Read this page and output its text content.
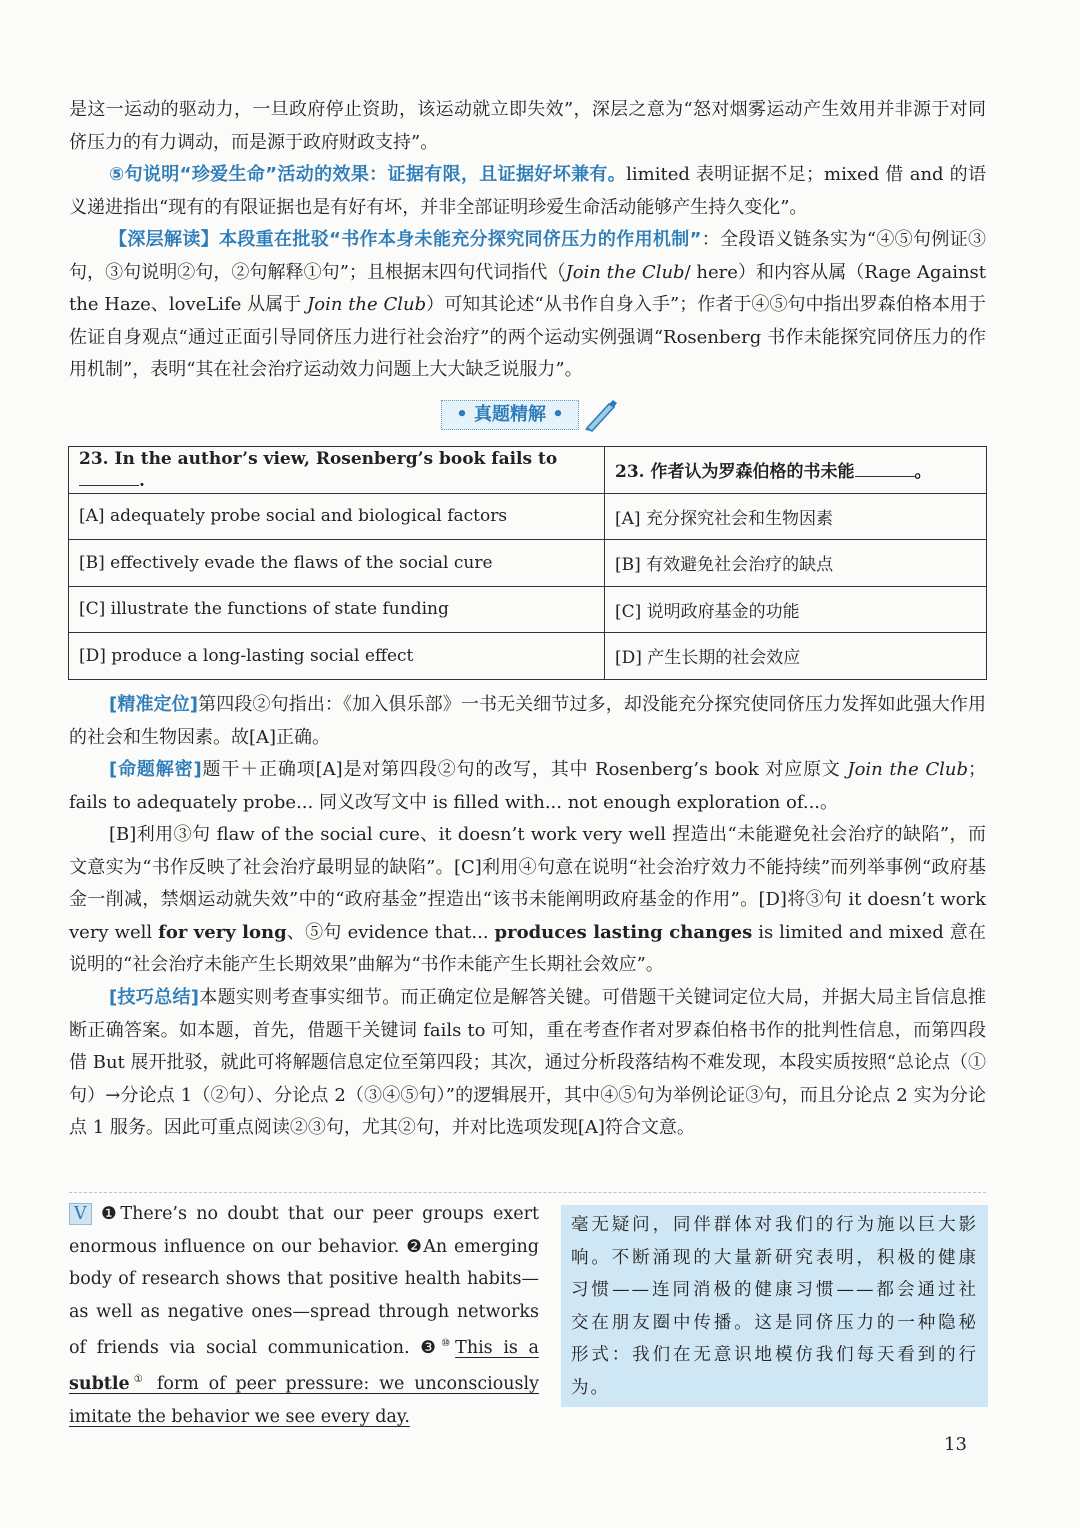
是这一运动的驱动力，一旦政府停止资助，该运动就立即失效”，深层之意为“怒对烟雾运动产生效用并非源于对同侪压力的有力调动，而是源于政府财政支持”。

⑤句说明“珍爱生命”活动的效果：证据有限，且证据好坏兼有。limited 表明证据不足；mixed 借 and 的语义递进指出“现有的有限证据也是有好有坏，并非全部证明珍爱生命活动能够产生持久变化”。

【深层解读】本段重在批驳“书作本身未能充分探究同侪压力的作用机制”：全段语义链条实为“④⑤句例证③句，③句说明②句，②句解释①句”；且根据末四句代词指代（Join the Club/ here）和内容从属（Rage Against the Haze、loveLife 从属于 Join the Club）可知其论述“从书作自身入手”；作者于④⑤句中指出罗森伯格本用于佐证自身观点“通过正面引导同侪压力进行社会治疗”的两个运动实例强调“Rosenberg 书作未能探究同侪压力的作用机制”，表明“其在社会治疗运动效力问题上大大缺乏说服力”。

• 真题精解 •
23. In the author’s view, Rosenberg’s book fails to .	23. 作者认为罗森伯格的书未能 。
[A] adequately probe social and biological factors	[A] 充分探究社会和生物因素
[B] effectively evade the flaws of the social cure	[B] 有效避免社会治疗的缺点
[C] illustrate the functions of state funding	[C] 说明政府基金的功能
[D] produce a long-lasting social effect	[D] 产生长期的社会效应

[精准定位]第四段②句指出：《加入俱乐部》一书无关细节过多，却没能充分探究使同侪压力发挥如此强大作用的社会和生物因素。故[A]正确。

[命题解密]题干＋正确项[A]是对第四段②句的改写，其中 Rosenberg’s book 对应原文 Join the Club；fails to adequately probe... 同义改写文中 is filled with... not enough exploration of...。

[B]利用③句 flaw of the social cure、it doesn’t work very well 捏造出“未能避免社会治疗的缺陷”，而文意实为“书作反映了社会治疗最明显的缺陷”。[C]利用④句意在说明“社会治疗效力不能持续”而列举事例“政府基金一削减，禁烟运动就失效”中的“政府基金”捏造出“该书未能阐明政府基金的作用”。[D]将③句 it doesn’t work very well for very long、⑤句 evidence that... produces lasting changes is limited and mixed 意在说明的“社会治疗未能产生长期效果”曲解为“书作未能产生长期社会效应”。

[技巧总结]本题实则考查事实细节。而正确定位是解答关键。可借题干关键词定位大局，并据大局主旨信息推断正确答案。如本题，首先，借题干关键词 fails to 可知，重在考查作者对罗森伯格书作的批判性信息，而第四段借 But 展开批驳，就此可将解题信息定位至第四段；其次，通过分析段落结构不难发现，本段实质按照“总论点（①句）→分论点 1（②句）、分论点 2（③④⑤句）”的逻辑展开，其中④⑤句为举例论证③句，而且分论点 2 实为分论点 1 服务。因此可重点阅读②③句，尤其②句，并对比选项发现[A]符合文意。

V ❶There’s no doubt that our peer groups exert enormous influence on our behavior. ❷An emerging body of research shows that positive health habits—as well as negative ones—spread through networks of friends via social communication. ❸⑩This is a subtle① form of peer pressure: we unconsciously imitate the behavior we see every day.
毫无疑问，同伴群体对我们的行为施以巨大影响。不断涌现的大量新研究表明，积极的健康习惯——连同消极的健康习惯——都会通过社交在朋友圈中传播。这是同侪压力的一种隐秘形式：我们在无意识地模仿我们每天看到的行为。
13
